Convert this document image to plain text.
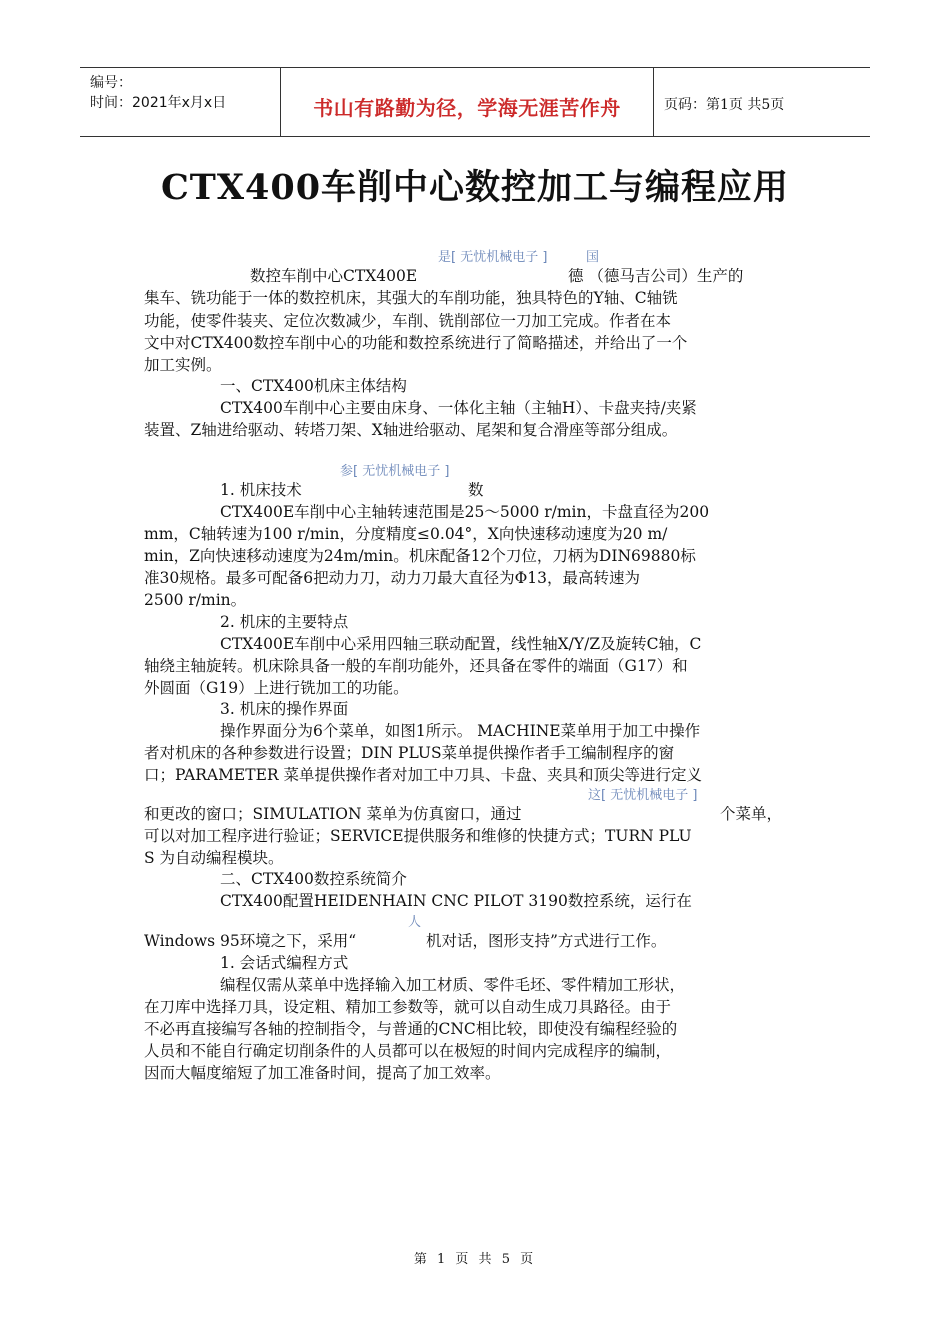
编号：
时间：2021年x月x日	书山有路勤为径，学海无涯苦作舟	页码：第1页 共5页
CTX400车削中心数控加工与编程应用
是[ 无忧机械电子 ]	国
参[ 无忧机械电子 ]
这[ 无忧机械电子 ]
人
数控车削中心CTX400E	德 （德马吉公司）生产的
集车、铣功能于一体的数控机床，其强大的车削功能，独具特色的Y轴、C轴铣
功能，使零件装夹、定位次数减少，车削、铣削部位一刀加工完成。作者在本
文中对CTX400数控车削中心的功能和数控系统进行了简略描述，并给出了一个
加工实例。
一、CTX400机床主体结构
CTX400车削中心主要由床身、一体化主轴（主轴H）、卡盘夹持/夹紧
装置、Z轴进给驱动、转塔刀架、X轴进给驱动、尾架和复合滑座等部分组成。
1. 机床技术	数
CTX400E车削中心主轴转速范围是25～5000 r/min，卡盘直径为200
mm，C轴转速为100 r/min，分度精度≤0.04°，X向快速移动速度为20 m/
min，Z向快速移动速度为24m/min。机床配备12个刀位，刀柄为DIN69880标
准30规格。最多可配备6把动力刀，动力刀最大直径为Φ13，最高转速为
2500 r/min。
2. 机床的主要特点
CTX400E车削中心采用四轴三联动配置，线性轴X/Y/Z及旋转C轴，C
轴绕主轴旋转。机床除具备一般的车削功能外，还具备在零件的端面（G17）和
外圆面（G19）上进行铣加工的功能。
3. 机床的操作界面
操作界面分为6个菜单，如图1所示。 MACHINE菜单用于加工中操作
者对机床的各种参数进行设置；DIN PLUS菜单提供操作者手工编制程序的窗
口；PARAMETER 菜单提供操作者对加工中刀具、卡盘、夹具和顶尖等进行定义
和更改的窗口；SIMULATION 菜单为仿真窗口，通过	个菜单，
可以对加工程序进行验证；SERVICE提供服务和维修的快捷方式；TURN PLU
S 为自动编程模块。
二、CTX400数控系统简介
CTX400配置HEIDENHAIN CNC PILOT 3190数控系统，运行在
Windows 95环境之下，采用“	机对话，图形支持”方式进行工作。
1. 会话式编程方式
编程仅需从菜单中选择输入加工材质、零件毛坯、零件精加工形状，
在刀库中选择刀具，设定粗、精加工参数等，就可以自动生成刀具路径。由于
不必再直接编写各轴的控制指令，与普通的CNC相比较，即使没有编程经验的
人员和不能自行确定切削条件的人员都可以在极短的时间内完成程序的编制，
因而大幅度缩短了加工准备时间，提高了加工效率。
第 1 页 共 5 页
